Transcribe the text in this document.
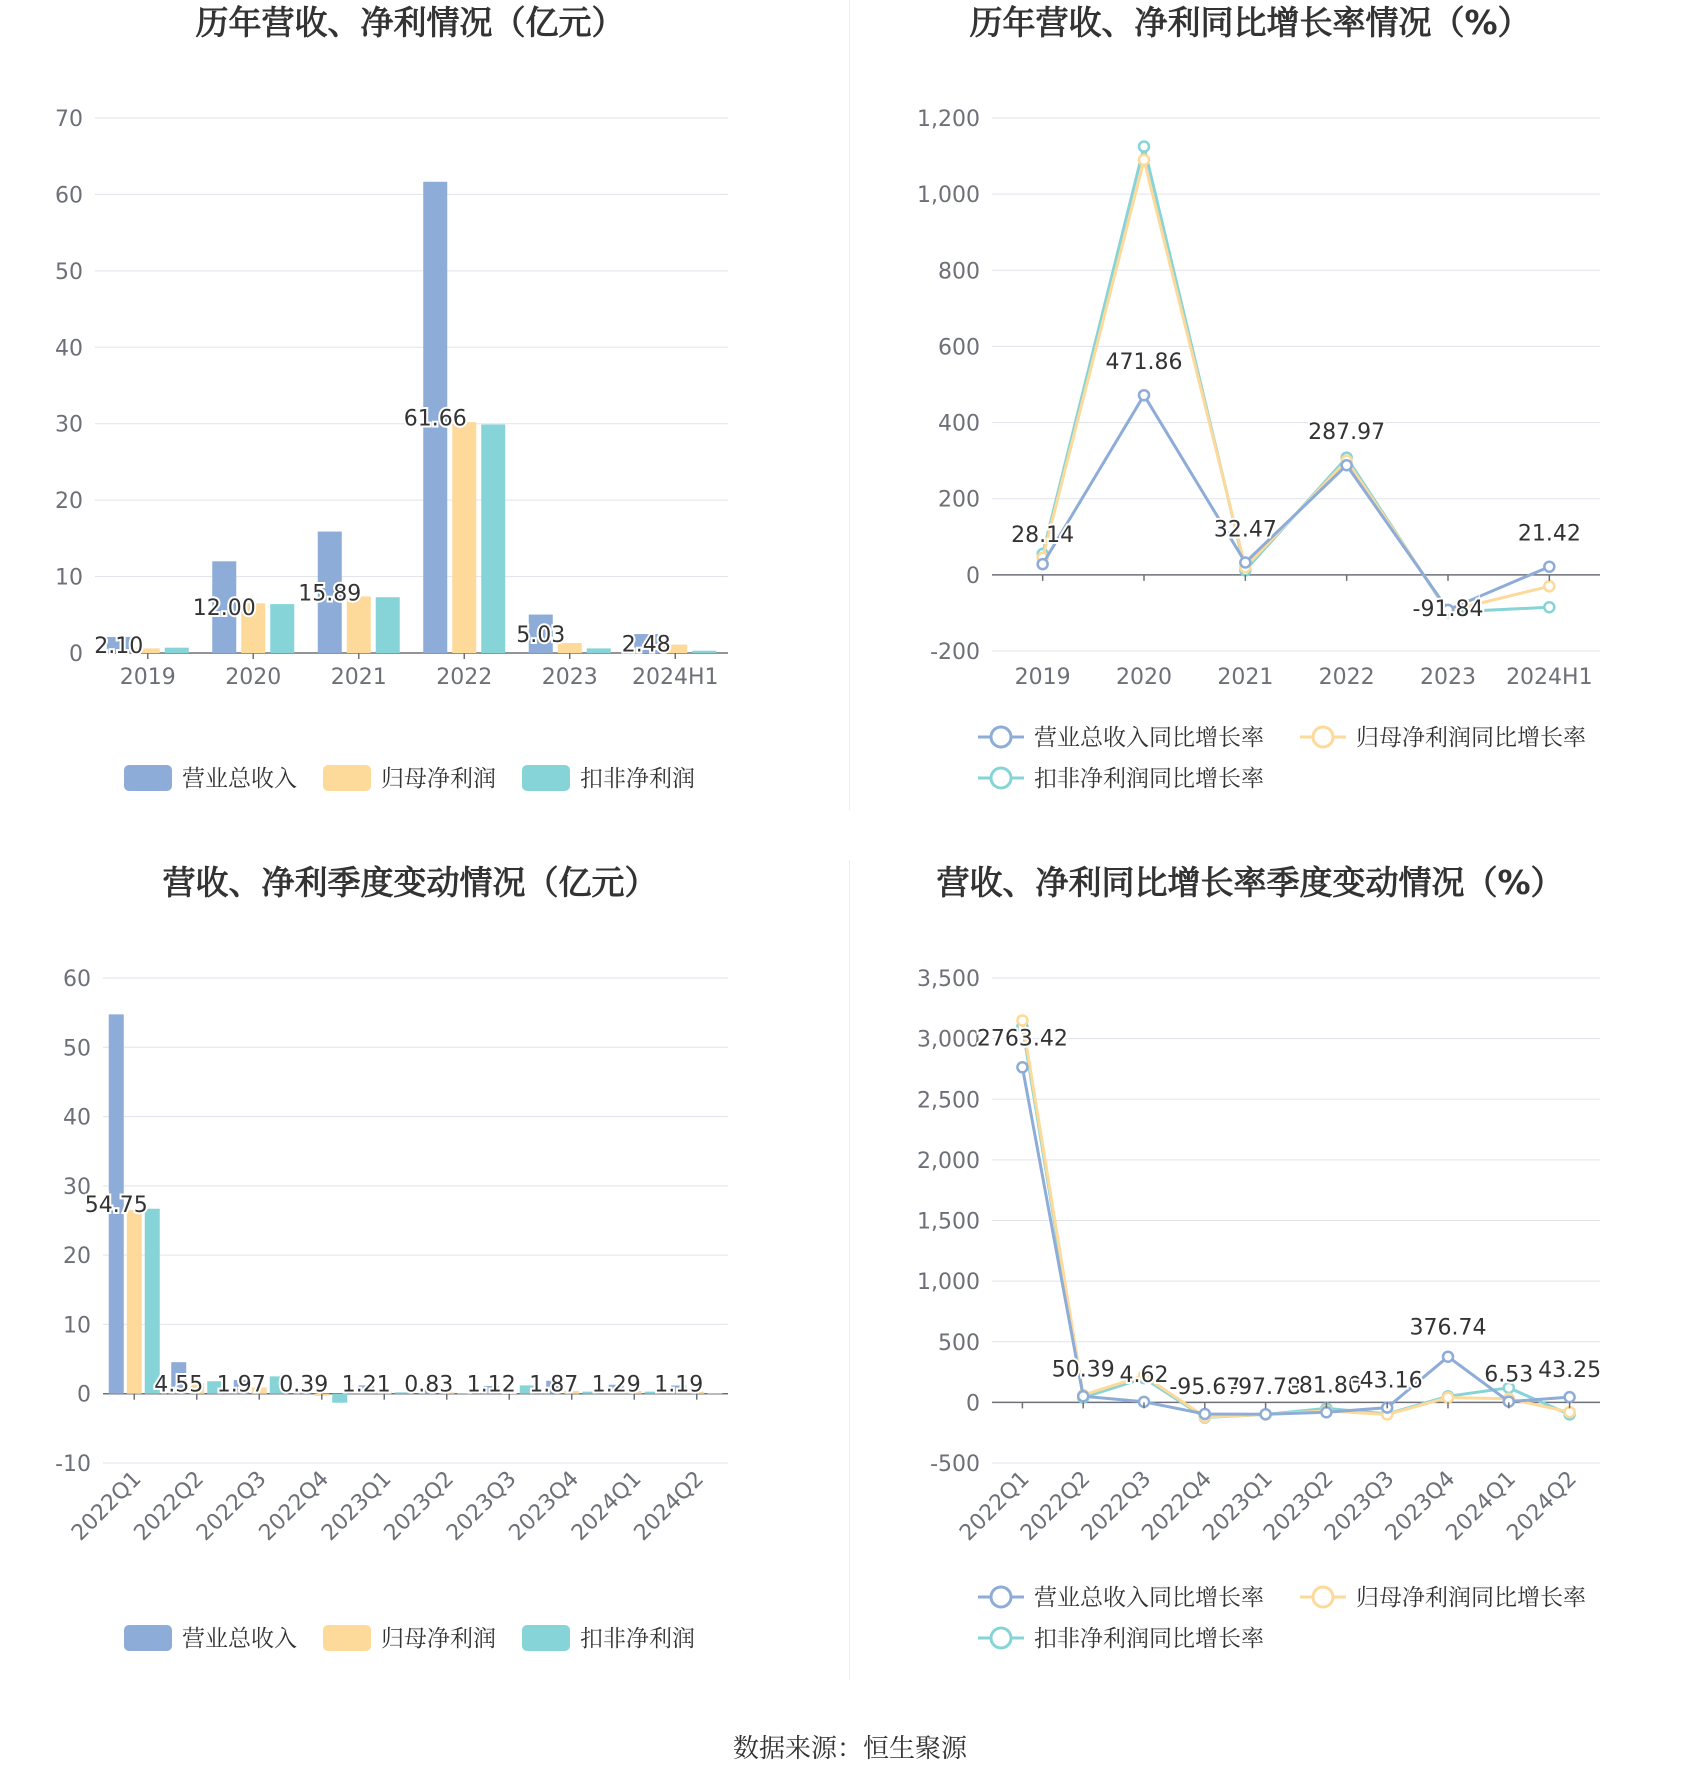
历年营收、净利情况（亿元）
0
10
20
30
40
50
60
70
2.10
12.00
15.89
61.66
5.03	2.48
2019 2020 2021 2022 2023 2024H1
营业总收入	归母净利润	扣非净利润
历年营收、净利同比增长率情况（%）
-200
0
200
400
600
800
1,000
1,200
28.14
471.86
32.47
287.97
-91.84
21.42
2019 2020 2021 2022 2023 2024H1
营业总收入同比增长率	归母净利润同比增长率
扣非净利润同比增长率
营收、净利季度变动情况（亿元）
-10
0
10
20
30
40
50
60
54.75
4.55 1.97 0.39 1.21 0.83 1.12 1.87 1.29 1.19
2022Q1
2022Q2
2022Q3
2022Q4
2023Q1
2023Q2
2023Q3
2023Q4
2024Q1
2024Q2
营业总收入	归母净利润	扣非净利润
营收、净利同比增长率季度变动情况（%）
-500
0
500
1,000
1,500
2,000
2,500
3,000
3,500
2763.42
50.39 4.62 -95.67
-97.78
-81.80
-43.16
376.74
6.53 43.25
2022Q1
2022Q2
2022Q3
2022Q4
2023Q1
2023Q2
2023Q3
2023Q4
2024Q1
2024Q2
营业总收入同比增长率	归母净利润同比增长率
扣非净利润同比增长率
数据来源：恒生聚源
